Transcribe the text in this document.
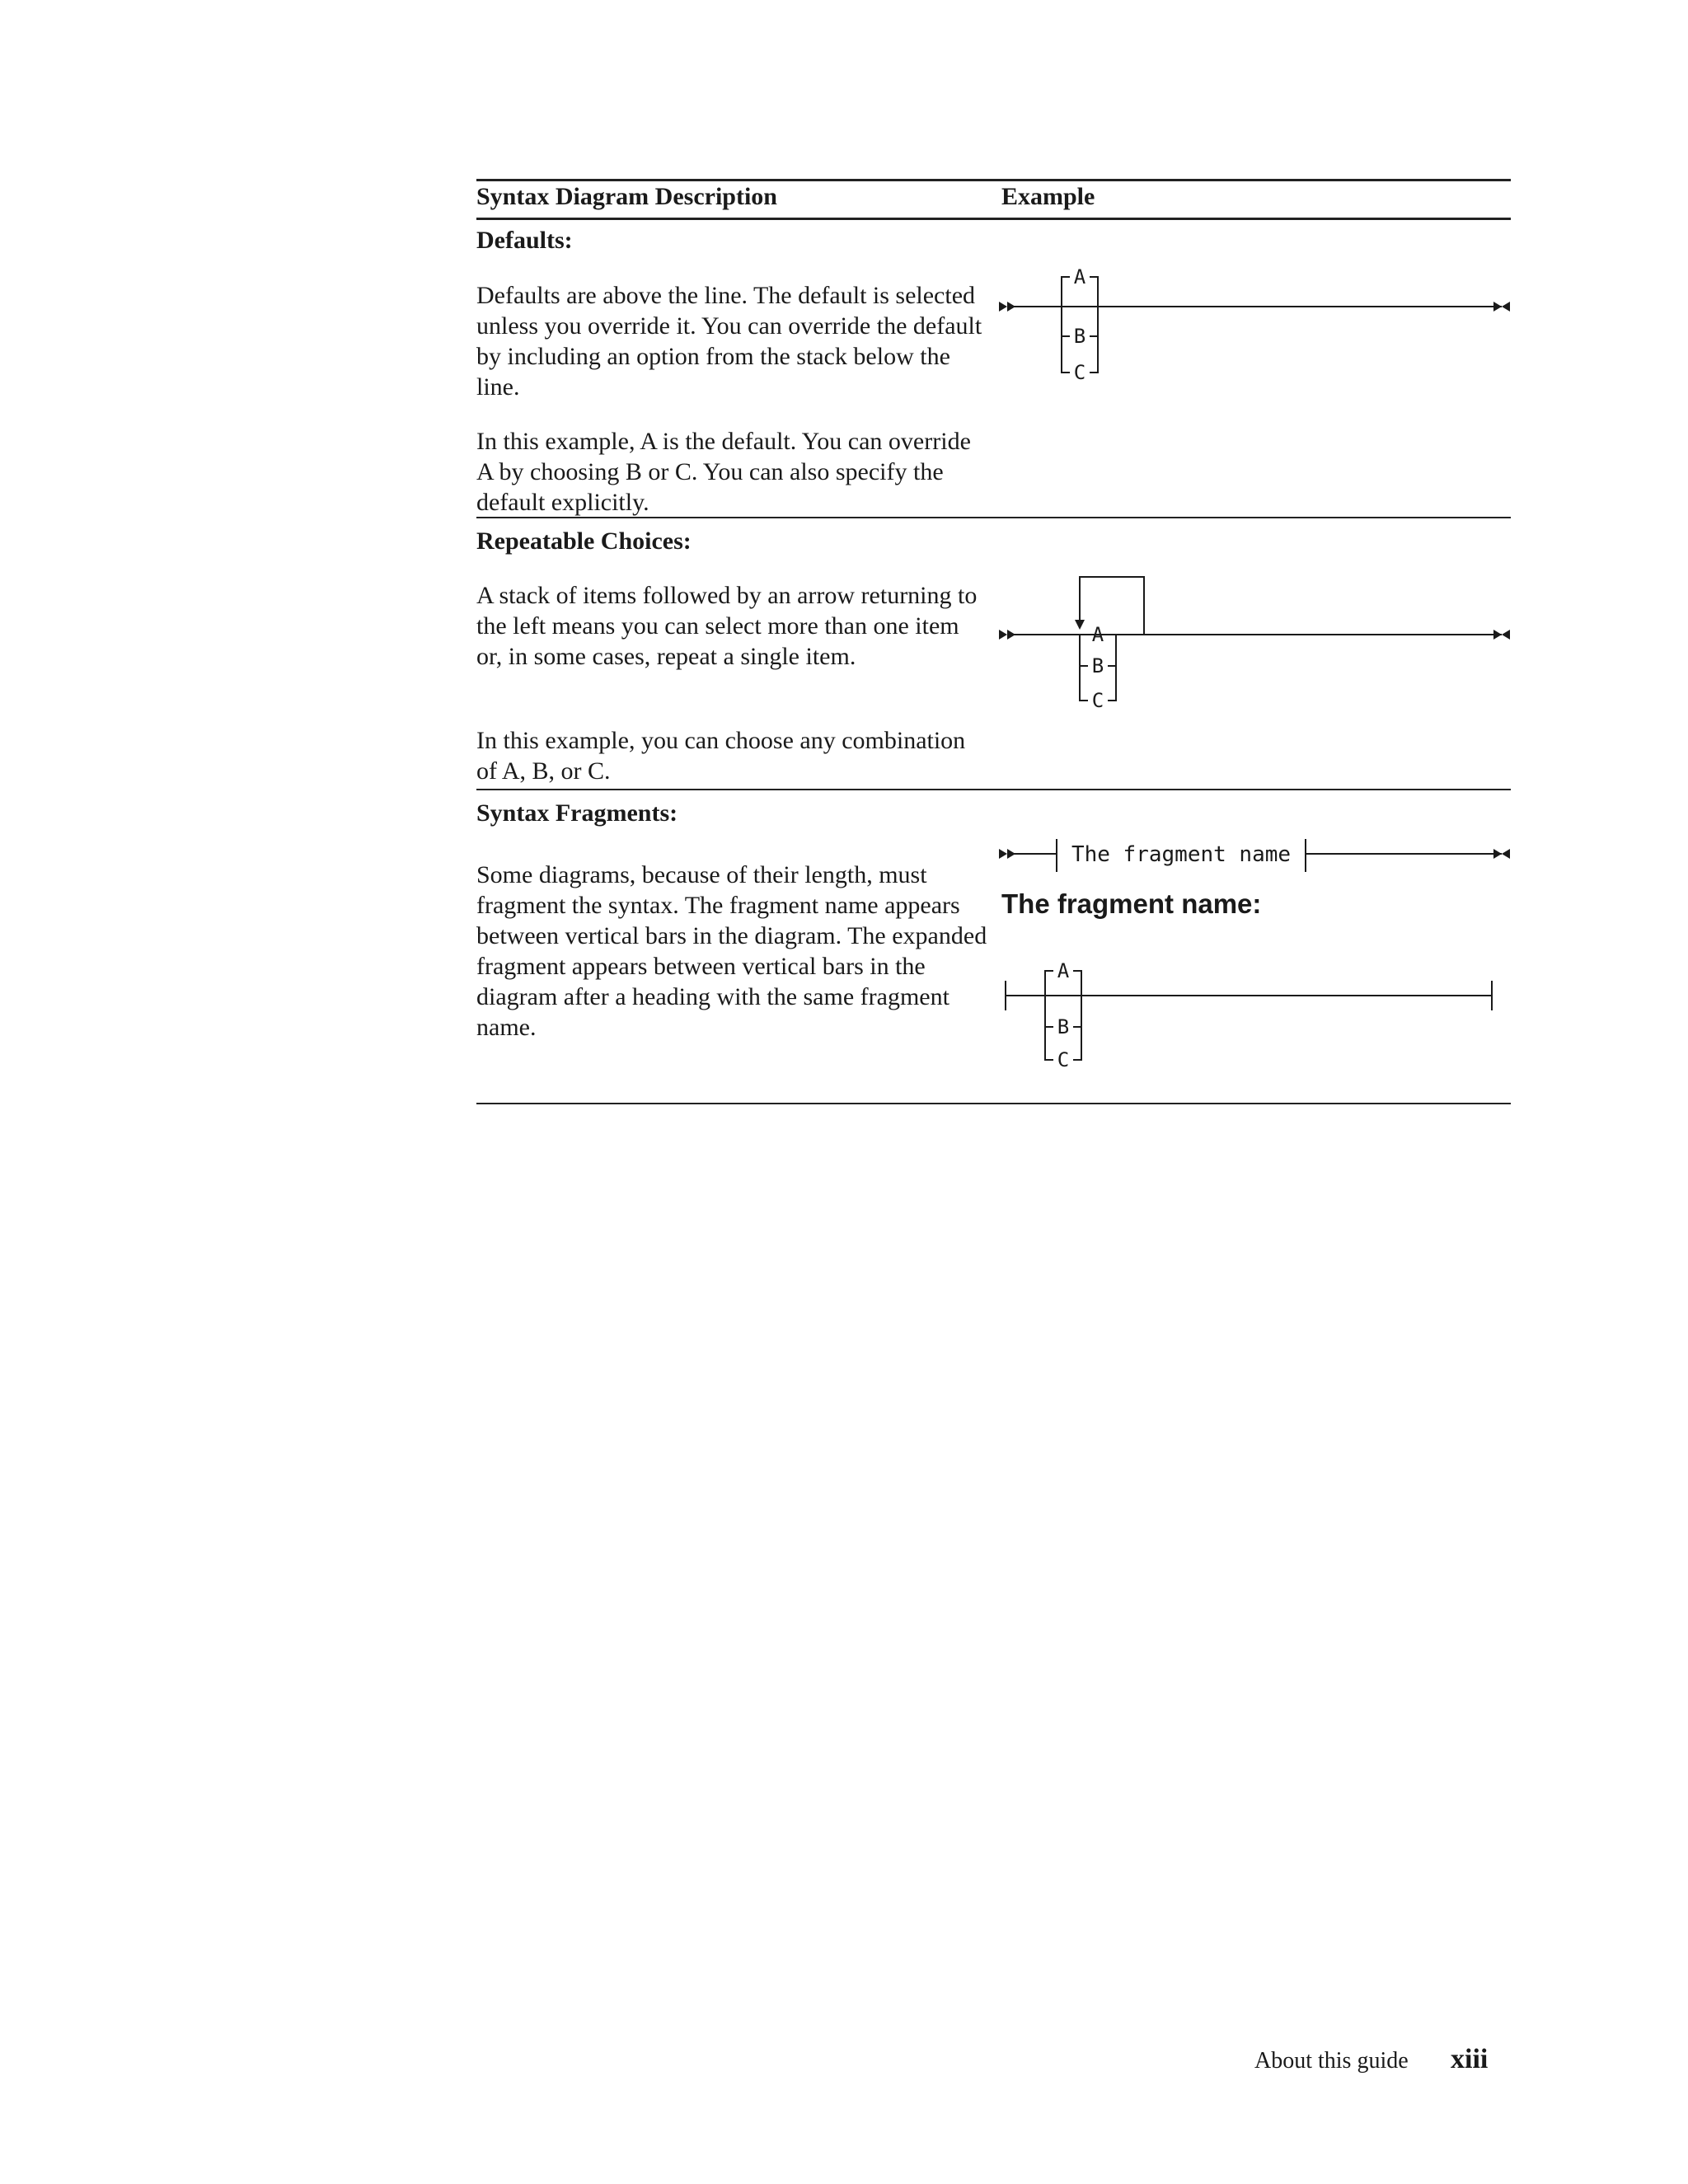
Syntax Diagram Description	Example
Defaults:
Defaults are above the line. The default is selected unless you override it. You can override the default by including an option from the stack below the line.
In this example, A is the default. You can override A by choosing B or C. You can also specify the default explicitly.
A
B
C
Repeatable Choices:
A stack of items followed by an arrow returning to the left means you can select more than one item or, in some cases, repeat a single item.
In this example, you can choose any combination of A, B, or C.
A
B
C
Syntax Fragments:
Some diagrams, because of their length, must fragment the syntax. The fragment name appears between vertical bars in the diagram. The expanded fragment appears between vertical bars in the diagram after a heading with the same fragment name.
The fragment name
The fragment name:
A
B
C
About this guide xiii
